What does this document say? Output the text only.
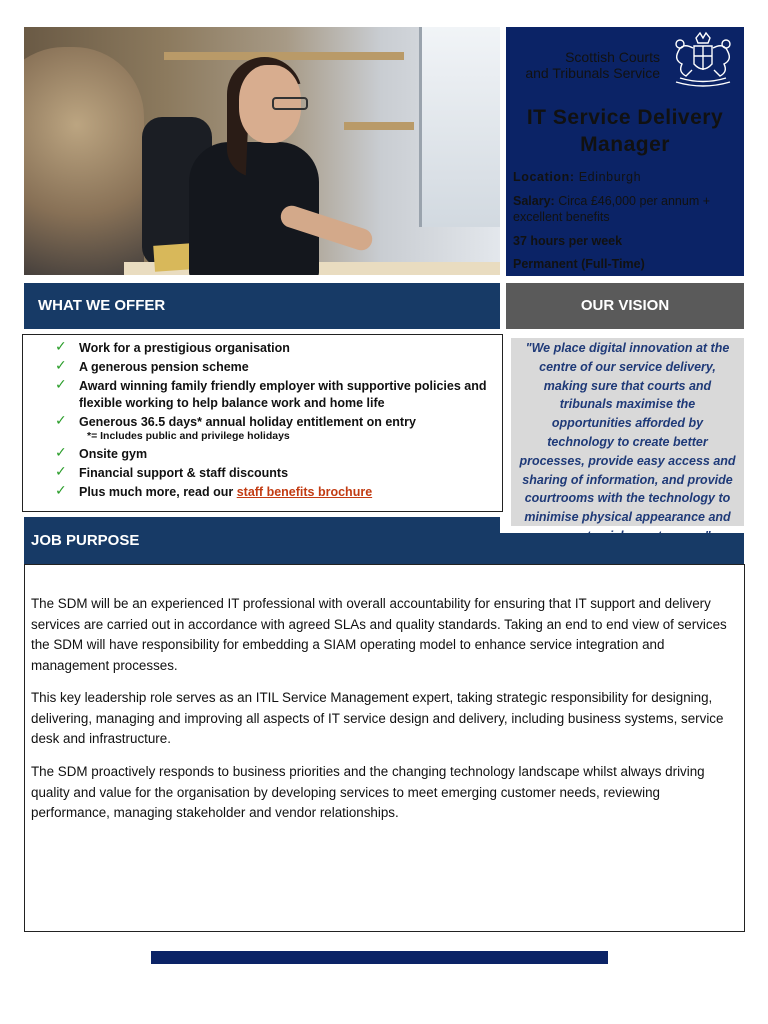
Scottish Courts
and Tribunals Service
IT Service Delivery
Manager
Location: Edinburgh
Salary: Circa £46,000 per annum +
excellent benefits
37 hours per week
Permanent (Full-Time)
WHAT WE OFFER	OUR VISION
✓ Work for a prestigious organisation
✓ A generous pension scheme
✓ Award winning family friendly employer with supportive policies and flexible working to help balance work and home life
✓ Generous 36.5 days* annual holiday entitlement on entry
*= Includes public and privilege holidays
✓ Onsite gym
✓ Financial support & staff discounts
✓ Plus much more, read our staff benefits brochure

"We place digital innovation at the centre of our service delivery, making sure that courts and tribunals maximise the opportunities afforded by technology to create better processes, provide easy access and sharing of information, and provide courtrooms with the technology to minimise physical appearance and

JOB PURPOSE

The SDM will be an experienced IT professional with overall accountability for ensuring that IT support and delivery services are carried out in accordance with agreed SLAs and quality standards. Taking an end to end view of services the SDM will have responsibility for embedding a SIAM operating model to enhance service integration and management processes.

This key leadership role serves as an ITIL Service Management expert, taking strategic responsibility for designing, delivering, managing and improving all aspects of IT service design and delivery, including business systems, service desk and infrastructure.

The SDM proactively responds to business priorities and the changing technology landscape whilst always driving quality and value for the organisation by developing services to meet emerging customer needs, reviewing performance, managing stakeholder and vendor relationships.
